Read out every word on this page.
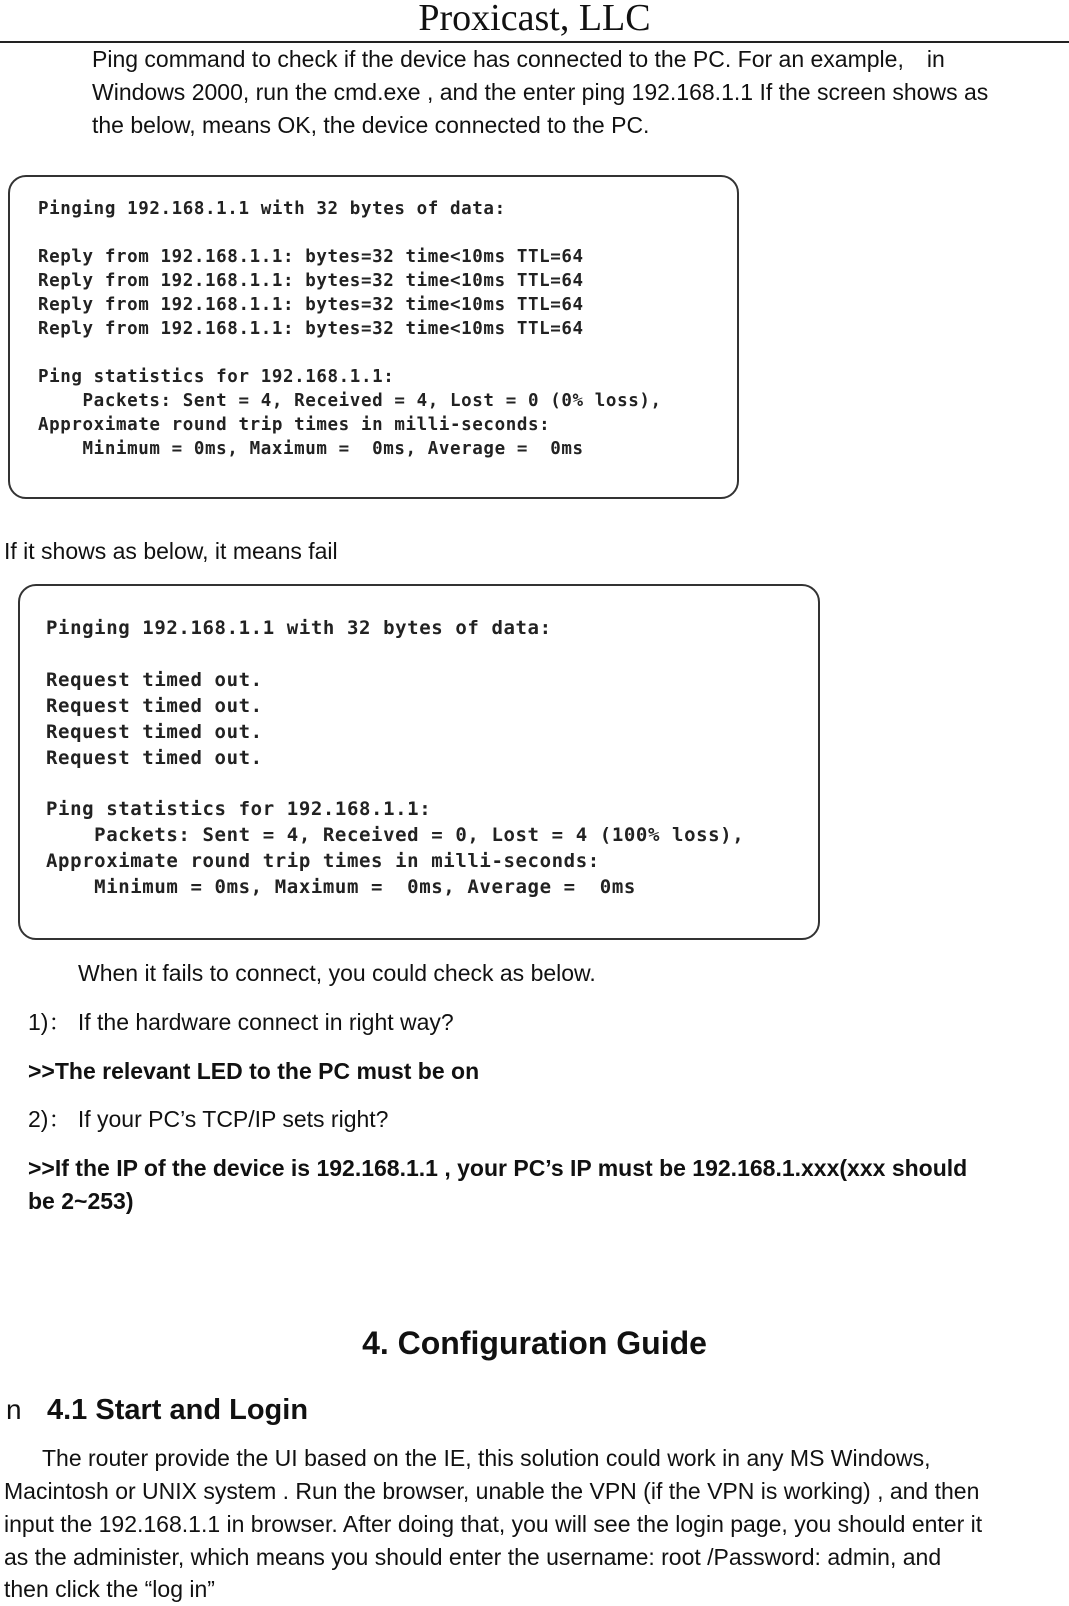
Proxicast, LLC
Ping command to check if the device has connected to the PC. For an example,  in
Windows 2000, run the cmd.exe , and the enter ping 192.168.1.1 If the screen shows as
the below, means OK, the device connected to the PC.
Pinging 192.168.1.1 with 32 bytes of data:
Reply from 192.168.1.1: bytes=32 time<10ms TTL=64
Reply from 192.168.1.1: bytes=32 time<10ms TTL=64
Reply from 192.168.1.1: bytes=32 time<10ms TTL=64
Reply from 192.168.1.1: bytes=32 time<10ms TTL=64
Ping statistics for 192.168.1.1:
Packets: Sent = 4, Received = 4, Lost = 0 (0% loss),
Approximate round trip times in milli-seconds:
Minimum = 0ms, Maximum =  0ms, Average =  0ms
If it shows as below, it means fail
Pinging 192.168.1.1 with 32 bytes of data:
Request timed out.
Request timed out.
Request timed out.
Request timed out.
Ping statistics for 192.168.1.1:
Packets: Sent = 4, Received = 0, Lost = 4 (100% loss),
Approximate round trip times in milli-seconds:
Minimum = 0ms, Maximum =  0ms, Average =  0ms
When it fails to connect, you could check as below.
1)： If the hardware connect in right way?
>>The relevant LED to the PC must be on
2)： If your PC’s TCP/IP sets right?
>>If the IP of the device is 192.168.1.1 , your PC’s IP must be 192.168.1.xxx(xxx should
be 2~253)
4. Configuration Guide
n 4.1 Start and Login
The router provide the UI based on the IE, this solution could work in any MS Windows,
Macintosh or UNIX system . Run the browser, unable the VPN (if the VPN is working) , and then
input the 192.168.1.1 in browser. After doing that, you will see the login page, you should enter it
as the administer, which means you should enter the username: root /Password: admin, and
then click the “log in”
